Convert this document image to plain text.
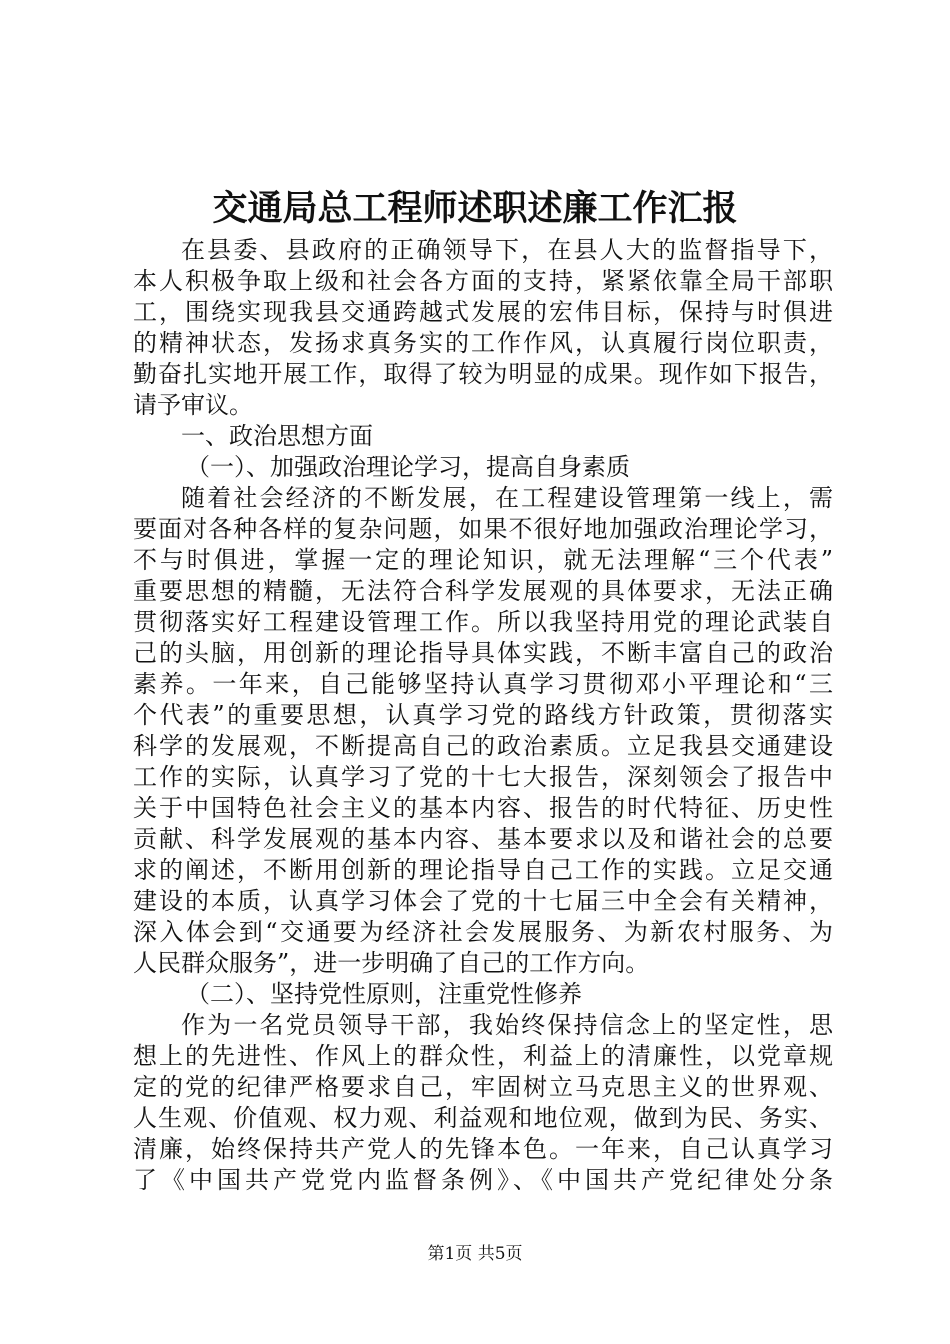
交通局总工程师述职述廉工作汇报
在县委、县政府的正确领导下，在县人大的监督指导下，
本人积极争取上级和社会各方面的支持，紧紧依靠全局干部职
工，围绕实现我县交通跨越式发展的宏伟目标，保持与时俱进
的精神状态，发扬求真务实的工作作风，认真履行岗位职责，
勤奋扎实地开展工作，取得了较为明显的成果。现作如下报告，
请予审议。
一、政治思想方面
（一）、加强政治理论学习，提高自身素质
随着社会经济的不断发展，在工程建设管理第一线上，需
要面对各种各样的复杂问题，如果不很好地加强政治理论学习，
不与时俱进，掌握一定的理论知识，就无法理解“三个代表”
重要思想的精髓，无法符合科学发展观的具体要求，无法正确
贯彻落实好工程建设管理工作。所以我坚持用党的理论武装自
己的头脑，用创新的理论指导具体实践，不断丰富自己的政治
素养。一年来，自己能够坚持认真学习贯彻邓小平理论和“三
个代表”的重要思想，认真学习党的路线方针政策，贯彻落实
科学的发展观，不断提高自己的政治素质。立足我县交通建设
工作的实际，认真学习了党的十七大报告，深刻领会了报告中
关于中国特色社会主义的基本内容、报告的时代特征、历史性
贡献、科学发展观的基本内容、基本要求以及和谐社会的总要
求的阐述，不断用创新的理论指导自己工作的实践。立足交通
建设的本质，认真学习体会了党的十七届三中全会有关精神，
深入体会到“交通要为经济社会发展服务、为新农村服务、为
人民群众服务”，进一步明确了自己的工作方向。
（二）、坚持党性原则，注重党性修养
作为一名党员领导干部，我始终保持信念上的坚定性，思
想上的先进性、作风上的群众性，利益上的清廉性，以党章规
定的党的纪律严格要求自己，牢固树立马克思主义的世界观、
人生观、价值观、权力观、利益观和地位观，做到为民、务实、
清廉，始终保持共产党人的先锋本色。一年来，自己认真学习
了《中国共产党党内监督条例》、《中国共产党纪律处分条
第1页 共5页
